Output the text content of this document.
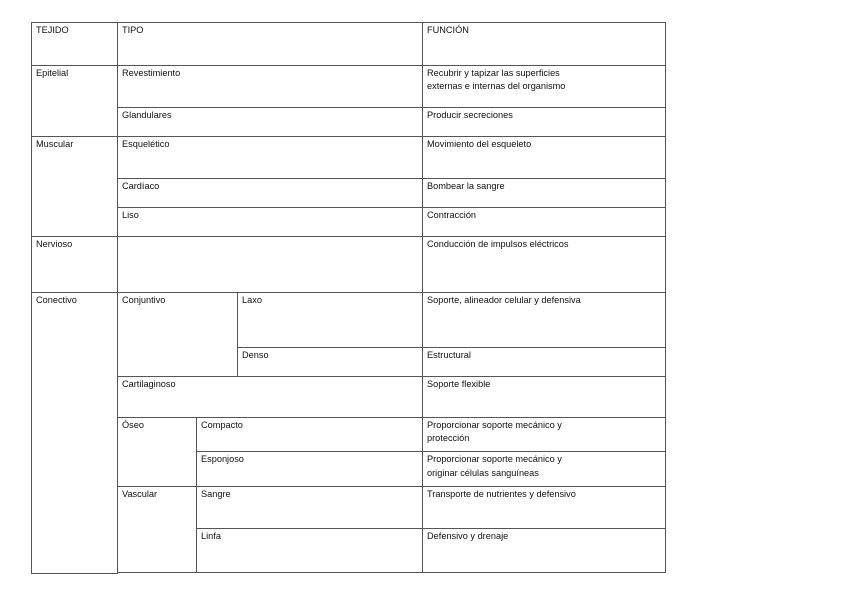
TEJIDO	TIPO				FUNCIÓN	
Epitelial	Revestimiento				Recubrir y tapizar las superficies
externas e internas del organismo

	Glandulares				Producir secreciones	

Muscular	Esquelético				Movimiento del esqueleto	

	Cardíaco				Bombear la sangre	

	Liso				Contracción	

Nervioso					Conducción de impulsos eléctricos	

Conectivo	Conjuntivo			Laxo	Soporte, alineador celular y defensiva	
				Denso	Estructural	

	Cartilaginoso				Soporte flexible	

	Óseo		Compacto		Proporcionar soporte mecánico y
protección

			Esponjoso		Proporcionar soporte mecánico y
originar células sanguíneas	

	Vascular		Sangre		Transporte de nutrientes y defensivo	

			Linfa		Defensivo y drenaje	
